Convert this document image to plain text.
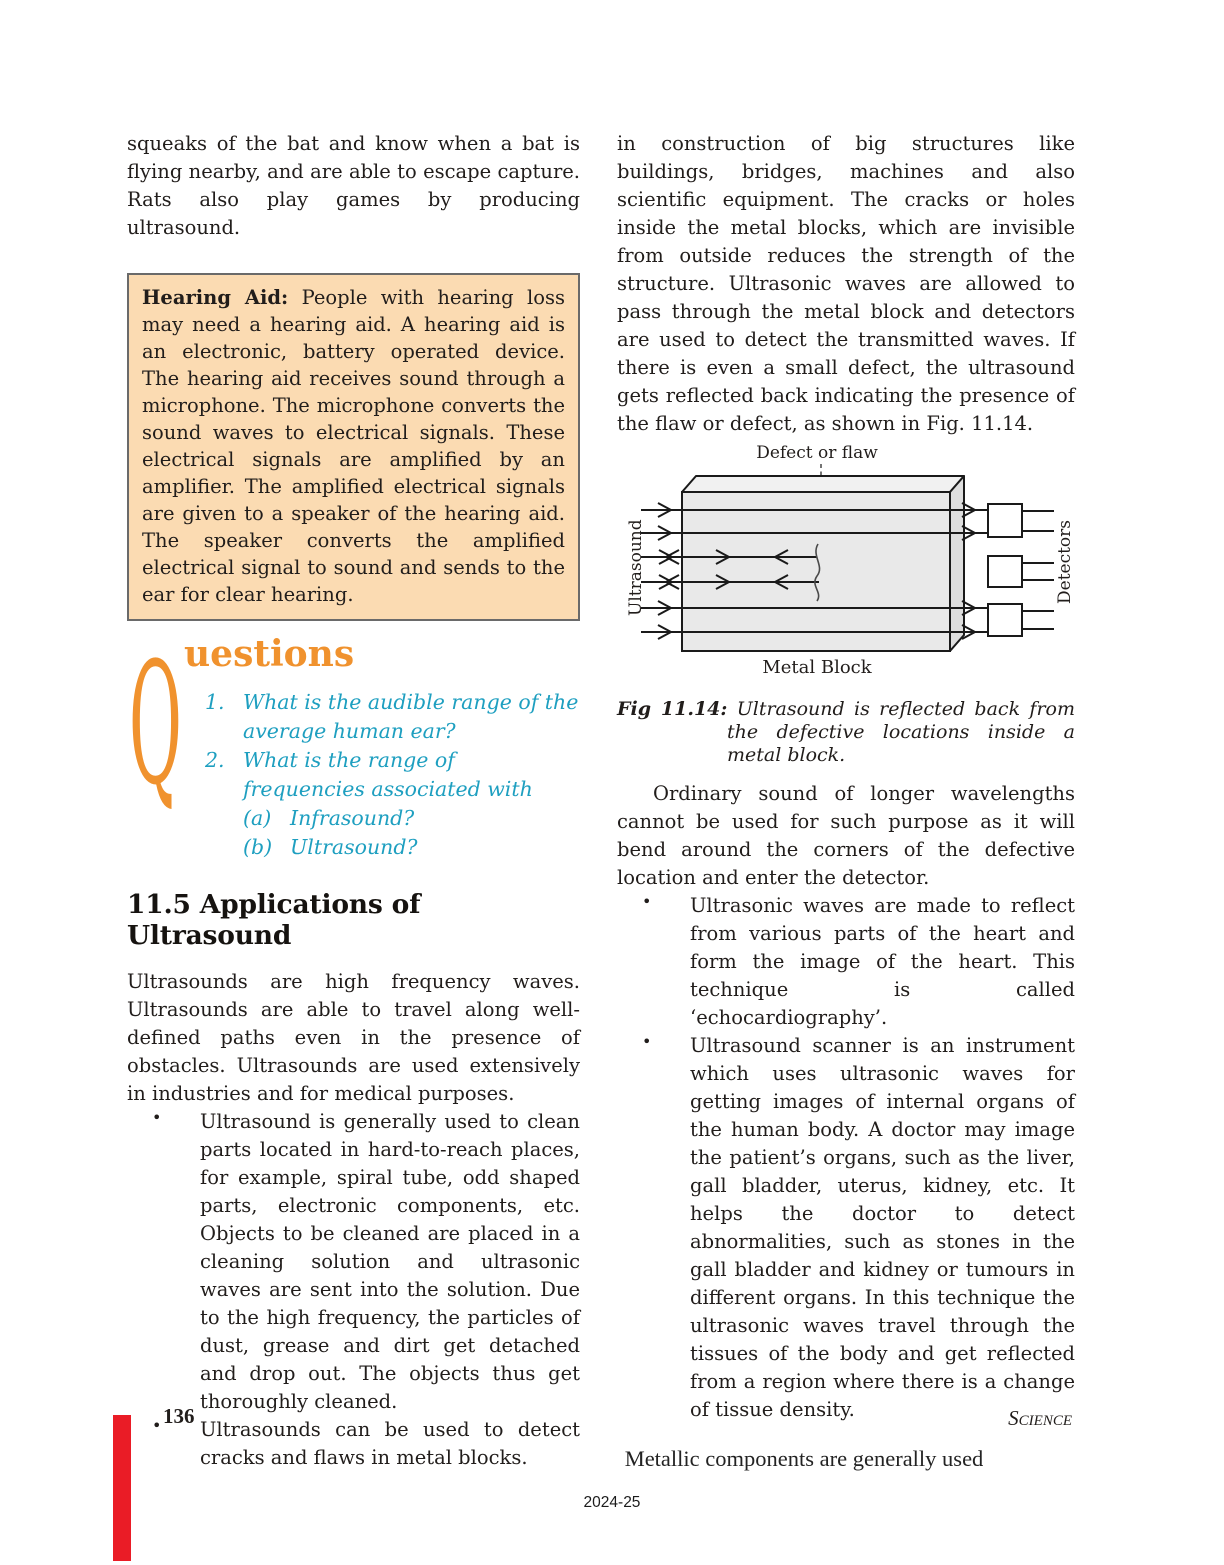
squeaks of the bat and know when a bat is flying nearby, and are able to escape capture. Rats also play games by producing ultrasound.

Hearing Aid: People with hearing loss may need a hearing aid. A hearing aid is an electronic, battery operated device. The hearing aid receives sound through a microphone. The microphone converts the sound waves to electrical signals. These electrical signals are amplified by an amplifier. The amplified electrical signals are given to a speaker of the hearing aid. The speaker converts the amplified electrical signal to sound and sends to the ear for clear hearing.
Q uestions
1. What is the audible range of the average human ear?
2. What is the range of frequencies associated with
(a) Infrasound?
(b) Ultrasound?
11.5 Applications of Ultrasound

Ultrasounds are high frequency waves. Ultrasounds are able to travel along well-defined paths even in the presence of obstacles. Ultrasounds are used extensively in industries and for medical purposes.

•	Ultrasound is generally used to clean parts located in hard-to-reach places, for example, spiral tube, odd shaped parts, electronic components, etc. Objects to be cleaned are placed in a cleaning solution and ultrasonic waves are sent into the solution. Due to the high frequency, the particles of dust, grease and dirt get detached and drop out. The objects thus get thoroughly cleaned.
•	Ultrasounds can be used to detect cracks and flaws in metal blocks.

in construction of big structures like buildings, bridges, machines and also scientific equipment. The cracks or holes inside the metal blocks, which are invisible from outside reduces the strength of the structure. Ultrasonic waves are allowed to pass through the metal block and detectors are used to detect the transmitted waves. If there is even a small defect, the ultrasound gets reflected back indicating the presence of the flaw or defect, as shown in Fig. 11.14.

Defect or flaw
Ultrasound	Detectors
Metal Block

Fig 11.14: Ultrasound is reflected back from the defective locations inside a metal block.

Ordinary sound of longer wavelengths cannot be used for such purpose as it will bend around the corners of the defective location and enter the detector.

•	Ultrasonic waves are made to reflect from various parts of the heart and form the image of the heart. This technique is called ‘echocardiography’.
•	Ultrasound scanner is an instrument which uses ultrasonic waves for getting images of internal organs of the human body. A doctor may image the patient’s organs, such as the liver, gall bladder, uterus, kidney, etc. It helps the doctor to detect abnormalities, such as stones in the gall bladder and kidney or tumours in different organs. In this technique the ultrasonic waves travel through the tissues of the body and get reflected from a region where there is a change of tissue density.
136	Science
Metallic components are generally used
2024-25
